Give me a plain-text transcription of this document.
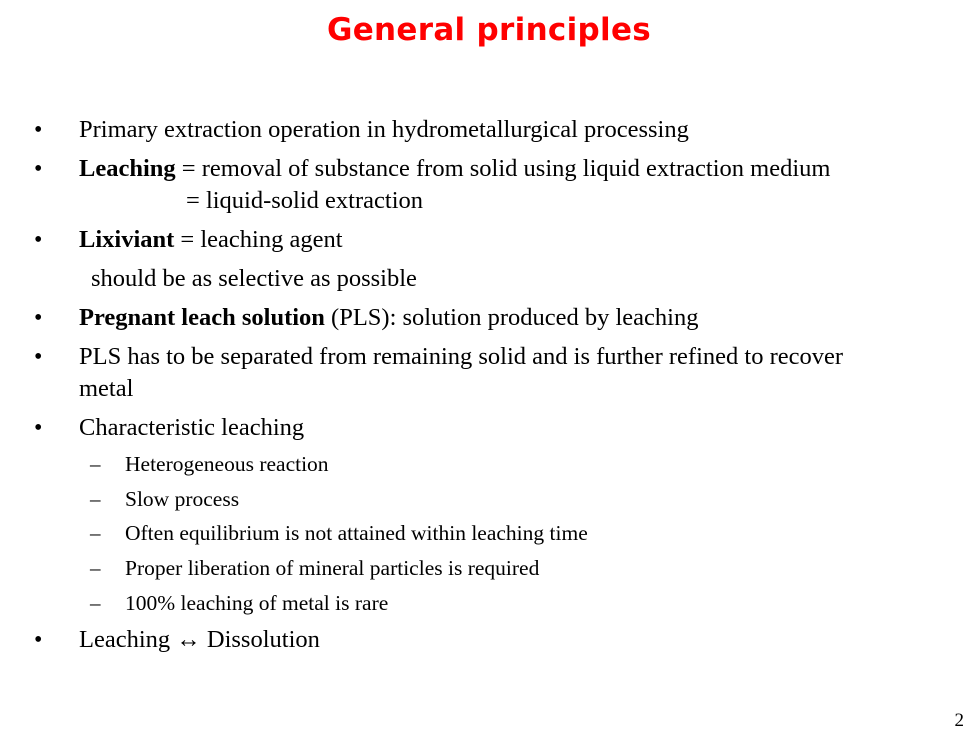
General principles
• Primary extraction operation in hydrometallurgical processing
• Leaching = removal of substance from solid using liquid extraction medium
= liquid-solid extraction
• Lixiviant = leaching agent
should be as selective as possible
• Pregnant leach solution (PLS): solution produced by leaching
• PLS has to be separated from remaining solid and is further refined to recover
metal
• Characteristic leaching
– Heterogeneous reaction
– Slow process
– Often equilibrium is not attained within leaching time
– Proper liberation of mineral particles is required
– 100% leaching of metal is rare
• Leaching ↔ Dissolution
2
